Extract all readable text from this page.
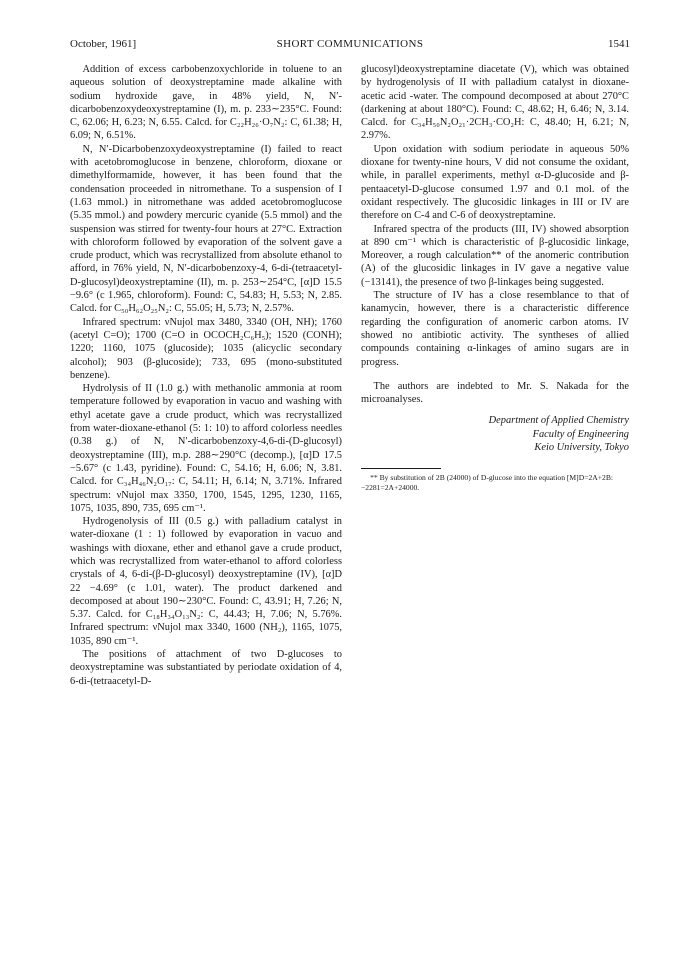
October, 1961]	SHORT COMMUNICATIONS	1541

Addition of excess carbobenzoxychloride in toluene to an aqueous solution of deoxystreptamine made alkaline with sodium hydroxide gave, in 48% yield, N, N′-dicarbobenzoxydeoxystreptamine (I), m. p. 233∼235°C. Found: C, 62.06; H, 6.23; N, 6.55. Calcd. for C₂₂H₂₆·O₇N₂: C, 61.38; H, 6.09; N, 6.51%.

N, N′-Dicarbobenzoxydeoxystreptamine (I) failed to react with acetobromoglucose in benzene, chloroform, dioxane or dimethylformamide, however, it has been found that the condensation proceeded in nitromethane. To a suspension of I (1.63 mmol.) in nitromethane was added acetobromoglucose (5.35 mmol.) and powdery mercuric cyanide (5.5 mmol) and the suspension was stirred for twenty-four hours at 27°C. Extraction with chloroform followed by evaporation of the solvent gave a crude product, which was recrystallized from absolute ethanol to afford, in 76% yield, N, N′-dicarbobenzoxy-4, 6-di-(tetraacetyl-D-glucosyl)deoxystreptamine (II), m. p. 253∼254°C, [α]D 15.5 −9.6° (c 1.965, chloroform). Found: C, 54.83; H, 5.53; N, 2.85. Calcd. for C₅₀H₆₂O₂₅N₂: C, 55.05; H, 5.73; N, 2.57%.

Infrared spectrum: νNujol max 3480, 3340 (OH, NH); 1760 (acetyl C=O); 1700 (C=O in OCOCH₂C₆H₅); 1520 (CONH); 1220; 1160, 1075 (glucoside); 1035 (alicyclic secondary alcohol); 903 (β-glucoside); 733, 695 (mono-substituted benzene).

Hydrolysis of II (1.0 g.) with methanolic ammonia at room temperature followed by evaporation in vacuo and washing with ethyl acetate gave a crude product, which was recrystallized from water-dioxane-ethanol (5: 1: 10) to afford colorless needles (0.38 g.) of N, N′-dicarbobenzoxy-4,6-di-(D-glucosyl) deoxystreptamine (III), m.p. 288∼290°C (decomp.), [α]D 17.5 −5.67° (c 1.43, pyridine). Found: C, 54.16; H, 6.06; N, 3.81. Calcd. for C₃₄H₄₆N₂O₁₇: C, 54.11; H, 6.14; N, 3.71%. Infrared spectrum: νNujol max 3350, 1700, 1545, 1295, 1230, 1165, 1075, 1035, 890, 735, 695 cm⁻¹.

Hydrogenolysis of III (0.5 g.) with palladium catalyst in water-dioxane (1 : 1) followed by evaporation in vacuo and washings with dioxane, ether and ethanol gave a crude product, which was recrystallized from water-ethanol to afford colorless crystals of 4, 6-di-(β-D-glucosyl) deoxystreptamine (IV), [α]D 22 −4.69° (c 1.01, water). The product darkened and decomposed at about 190∼230°C. Found: C, 43.91; H, 7.26; N, 5.37. Calcd. for C₁₈H₃₄O₁₃N₂: C, 44.43; H, 7.06; N, 5.76%. Infrared spectrum: νNujol max 3340, 1600 (NH₂), 1165, 1075, 1035, 890 cm⁻¹.

The positions of attachment of two D-glucoses to deoxystreptamine was substantiated by periodate oxidation of 4, 6-di-(tetraacetyl-D-

glucosyl)deoxystreptamine diacetate (V), which was obtained by hydrogenolysis of II with palladium catalyst in dioxane-acetic acid -water. The compound decomposed at about 270°C (darkening at about 180°C). Found: C, 48.62; H, 6.46; N, 3.14. Calcd. for C₃₄H₅₀N₂O₂₁·2CH₃·CO₂H: C, 48.40; H, 6.21; N, 2.97%.

Upon oxidation with sodium periodate in aqueous 50% dioxane for twenty-nine hours, V did not consume the oxidant, while, in parallel experiments, methyl α-D-glucoside and β-pentaacetyl-D-glucose consumed 1.97 and 0.1 mol. of the oxidant respectively. The glucosidic linkages in III or IV are therefore on C-4 and C-6 of deoxystreptamine.

Infrared spectra of the products (III, IV) showed absorption at 890 cm⁻¹ which is characteristic of β-glucosidic linkage, Moreover, a rough calculation** of the anomeric contribution (A) of the glucosidic linkages in IV gave a negative value (−13141), the presence of two β-linkages being suggested.

The structure of IV has a close resemblance to that of kanamycin, however, there is a characteristic difference regarding the configuration of anomeric carbon atoms. IV showed no antibiotic activity. The syntheses of allied compounds containing α-linkages of amino sugars are in progress.

The authors are indebted to Mr. S. Nakada for the microanalyses.

Department of Applied Chemistry
Faculty of Engineering
Keio University, Tokyo
** By substitution of 2B (24000) of D-glucose into the equation [M]D=2A+2B: −2281=2A+24000.
